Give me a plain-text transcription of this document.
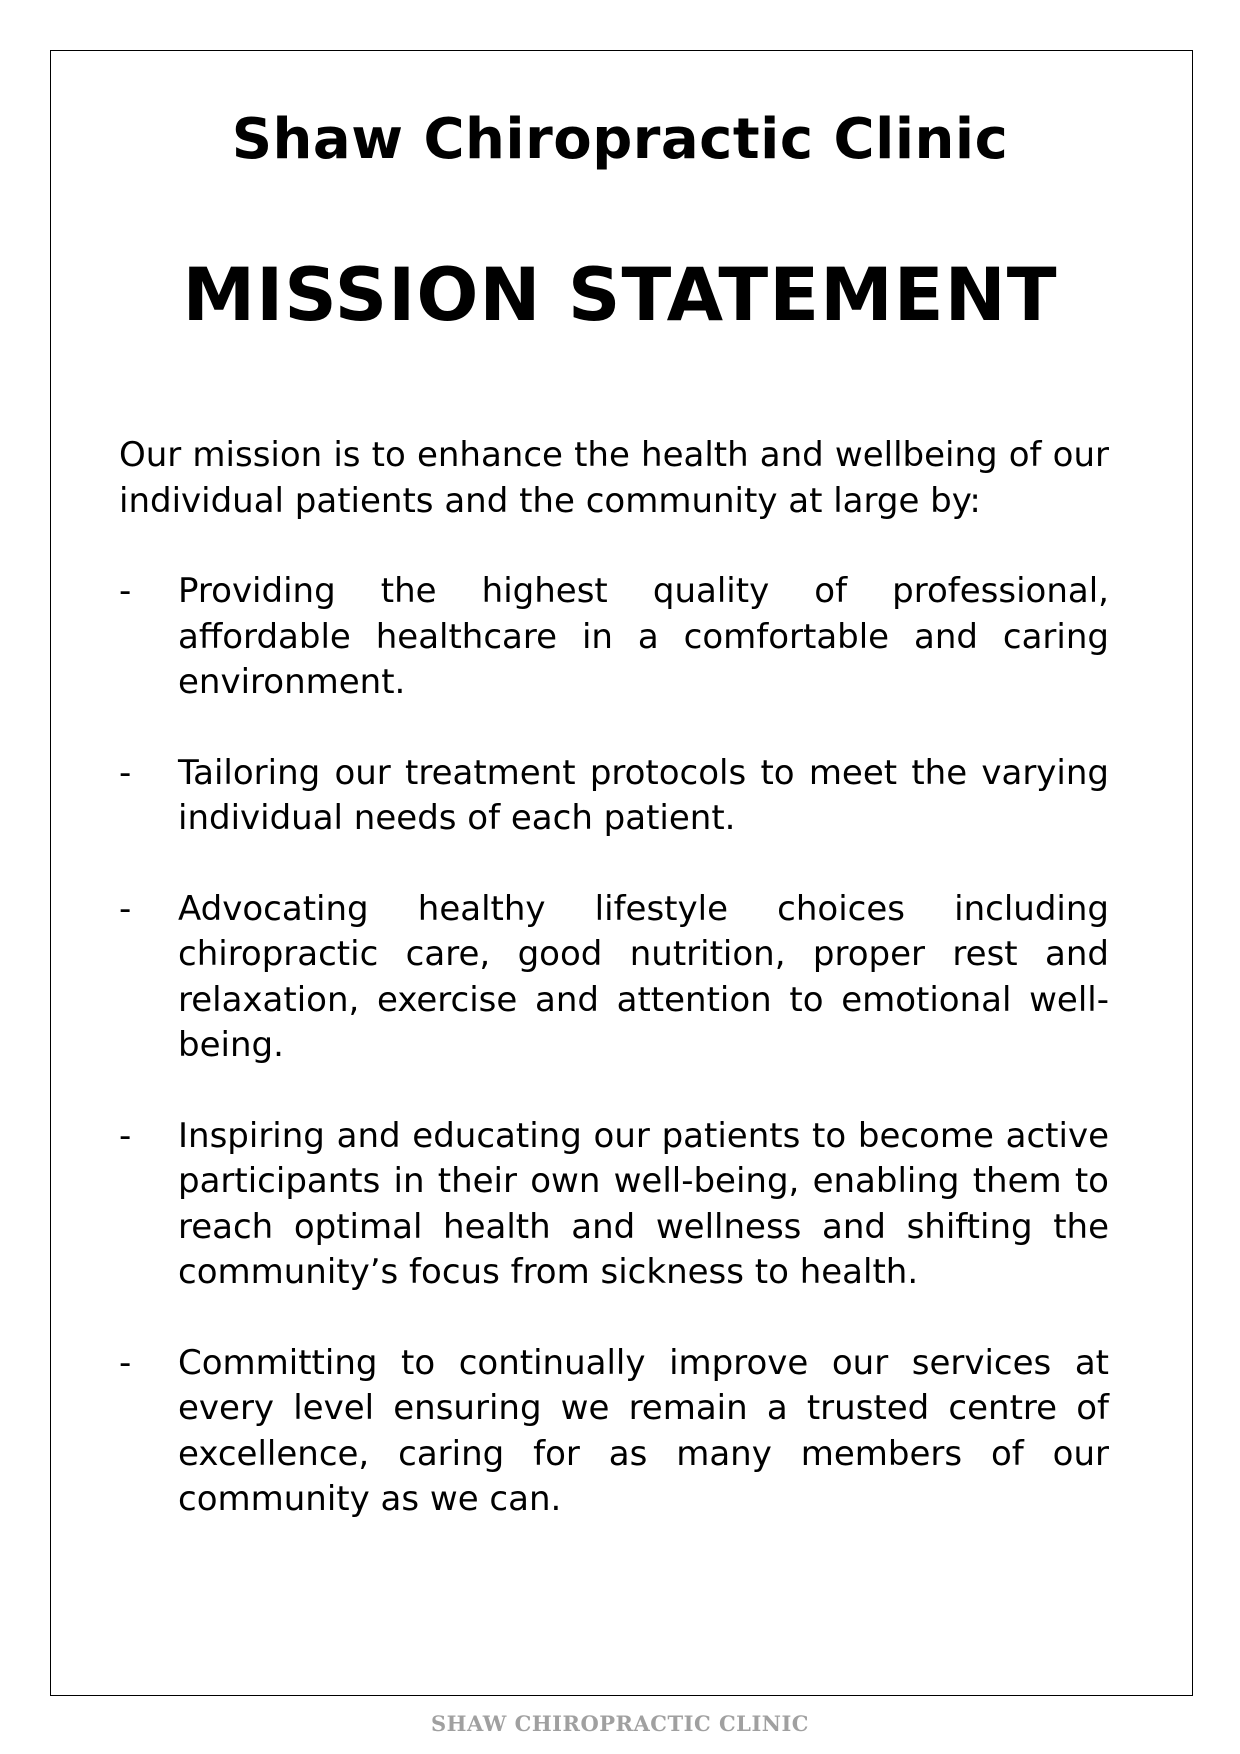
Shaw Chiropractic Clinic
MISSION STATEMENT

Our mission is to enhance the health and wellbeing of our individual patients and the community at large by:

- Providing the highest quality of professional, affordable healthcare in a comfortable and caring environment.
- Tailoring our treatment protocols to meet the varying individual needs of each patient.
- Advocating healthy lifestyle choices including chiropractic care, good nutrition, proper rest and relaxation, exercise and attention to emotional well-being.
- Inspiring and educating our patients to become active participants in their own well-being, enabling them to reach optimal health and wellness and shifting the community’s focus from sickness to health.
- Committing to continually improve our services at every level ensuring we remain a trusted centre of excellence, caring for as many members of our community as we can.
SHAW CHIROPRACTIC CLINIC
